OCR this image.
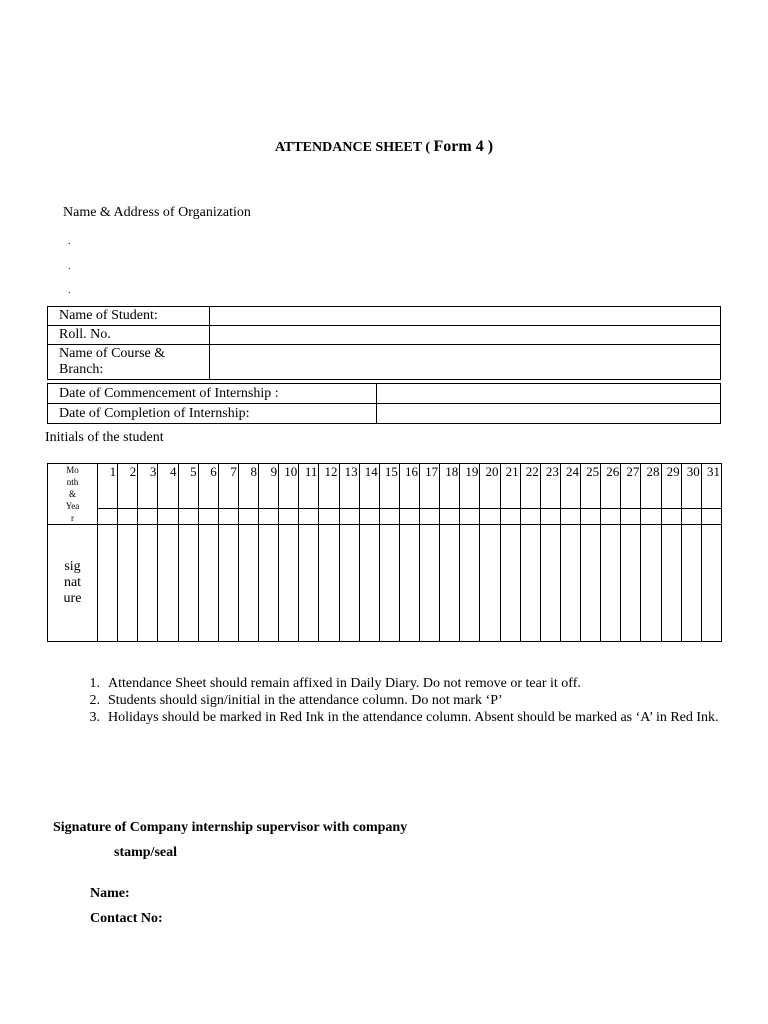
ATTENDANCE SHEET ( Form 4 )
Name & Address of Organization
.
.
.
Name of Student:	
Roll. No.	

Name of Course &
Branch:	

Date of Commencement of Internship :	
Date of Completion of Internship:	
Initials of the student
Mo
nth
&
Yea
r	1	2	3	4	5	6	7	8	9	10	11	12	13	14	15	16	17	18	19	20	21	22	23	24	25	26	27	28	29	30	31

sig
nat
ure																															

1. Attendance Sheet should remain affixed in Daily Diary. Do not remove or tear it off.
2. Students should sign/initial in the attendance column. Do not mark ‘P’
3. Holidays should be marked in Red Ink in the attendance column. Absent should be marked as ‘A’ in Red Ink.
Signature of Company internship supervisor with company
stamp/seal
Name:
Contact No:
